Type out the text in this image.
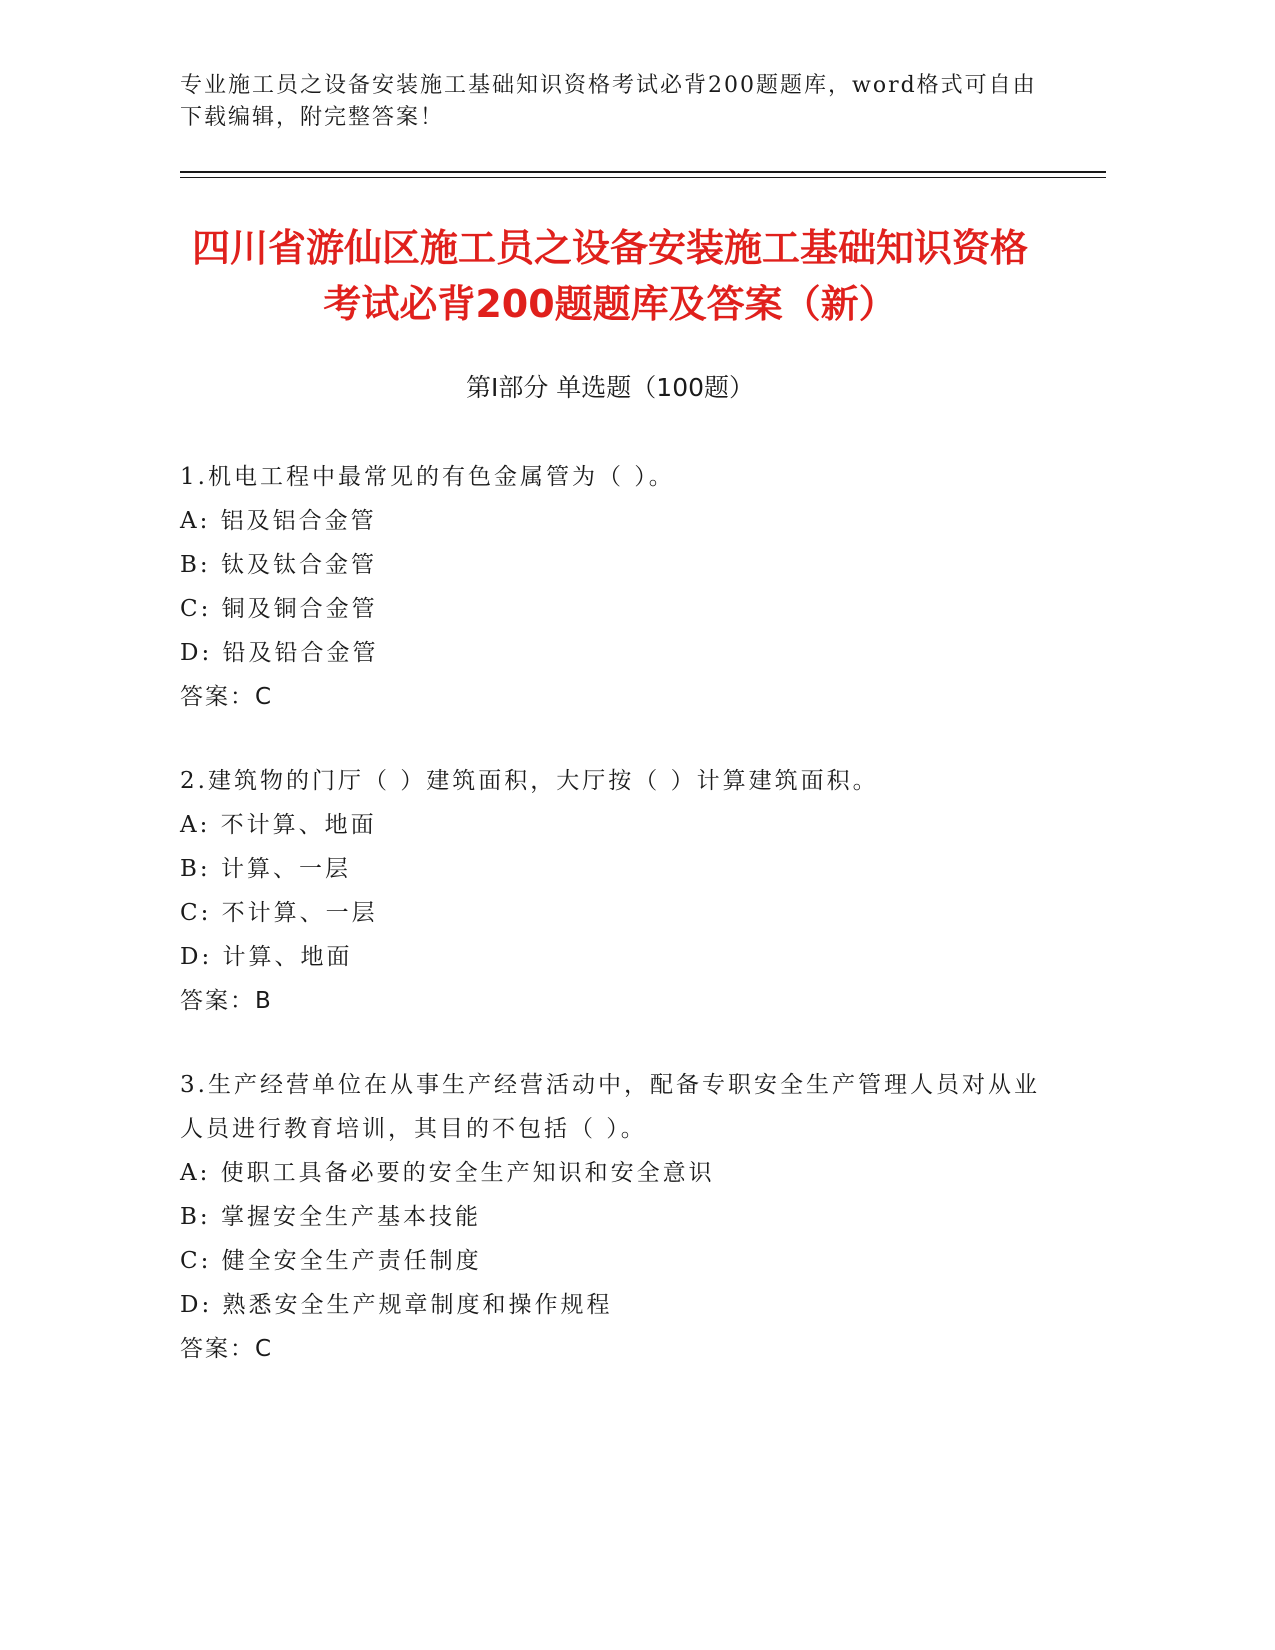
专业施工员之设备安装施工基础知识资格考试必背200题题库，word格式可自由下载编辑，附完整答案！
四川省游仙区施工员之设备安装施工基础知识资格考试必背200题题库及答案（新）
第Ⅰ部分 单选题（100题）
1.机电工程中最常见的有色金属管为（ ）。
A: 铝及铝合金管
B: 钛及钛合金管
C: 铜及铜合金管
D: 铅及铅合金管
答案：C
2.建筑物的门厅（ ）建筑面积，大厅按（ ）计算建筑面积。
A: 不计算、地面
B: 计算、一层
C: 不计算、一层
D: 计算、地面
答案：B
3.生产经营单位在从事生产经营活动中，配备专职安全生产管理人员对从业人员进行教育培训，其目的不包括（ ）。
A: 使职工具备必要的安全生产知识和安全意识
B: 掌握安全生产基本技能
C: 健全安全生产责任制度
D: 熟悉安全生产规章制度和操作规程
答案：C
